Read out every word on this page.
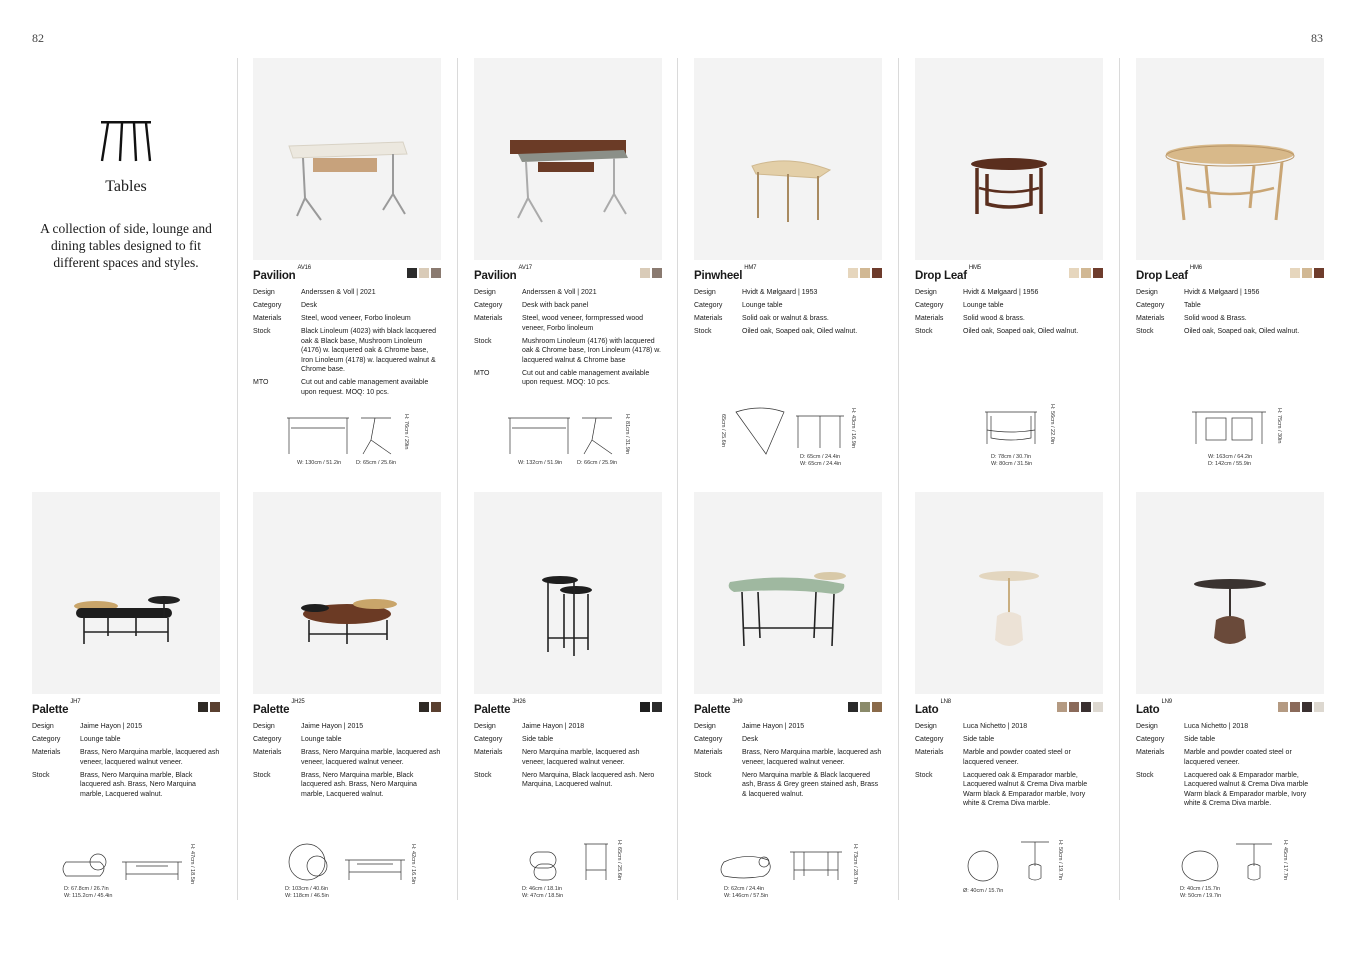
82	83
Tables

A collection of side, lounge and dining tables designed to fit different spaces and styles.

Pavilion$^{AV16}$
Design	Anderssen & Voll | 2021
Category	Desk
Materials	Steel, wood veneer, Forbo linoleum
Stock	Black Linoleum (4023) with black lacquered oak & Black base, Mushroom Linoleum (4176) w. lacquered oak & Chrome base, Iron Linoleum (4178) w. lacquered walnut & Chrome base.
MTO	Cut out and cable management available upon request. MOQ: 10 pcs.
W: 130cm / 51.2in	D: 65cm / 25.6in
H: 76cm / 29in
Pavilion$^{AV17}$
Design	Anderssen & Voll | 2021
Category	Desk with back panel
Materials	Steel, wood veneer, formpressed wood veneer, Forbo linoleum
Stock	Mushroom Linoleum (4176) with lacquered oak & Chrome base, Iron Linoleum (4178) w. lacquered walnut & Chrome base
MTO	Cut out and cable management available upon request. MOQ: 10 pcs.
W: 132cm / 51.9in	D: 66cm / 25.9in
H: 81cm / 31.9in
Pinwheel$^{HM7}$
Design	Hvidt & Mølgaard | 1953
Category	Lounge table
Materials	Solid oak or walnut & brass.
Stock	Oiled oak, Soaped oak, Oiled walnut.
65cm / 25.6in
D: 65cm / 24.4in
W: 65cm / 24.4in
H: 43cm / 16.9in
Drop Leaf$^{HM5}$
Design	Hvidt & Mølgaard | 1956
Category	Lounge table
Materials	Solid wood & brass.
Stock	Oiled oak, Soaped oak, Oiled walnut.
D: 78cm / 30.7in
W: 80cm / 31.5in
H: 56cm / 22.0in
Drop Leaf$^{HM6}$
Design	Hvidt & Mølgaard | 1956
Category	Table
Materials	Solid wood & Brass.
Stock	Oiled oak, Soaped oak, Oiled walnut.
W: 163cm / 64.2in
D: 142cm / 55.9in
H: 75cm / 30in
Palette$^{JH7}$
Design	Jaime Hayon | 2015
Category	Lounge table
Materials	Brass, Nero Marquina marble, lacquered ash veneer, lacquered walnut veneer.
Stock	Brass, Nero Marquina marble, Black lacquered ash. Brass, Nero Marquina marble, Lacquered walnut.
D: 67.8cm / 26.7in
W: 115.2cm / 45.4in
H: 47cm / 18.5in
Palette$^{JH25}$
Design	Jaime Hayon | 2015
Category	Lounge table
Materials	Brass, Nero Marquina marble, lacquered ash veneer, lacquered walnut veneer.
Stock	Brass, Nero Marquina marble, Black lacquered ash. Brass, Nero Marquina marble, Lacquered walnut.
D: 103cm / 40.6in
W: 118cm / 46.5in
H: 42cm / 16.5in
Palette$^{JH26}$
Design	Jaime Hayon | 2018
Category	Side table
Materials	Nero Marquina marble, lacquered ash veneer, lacquered walnut veneer.
Stock	Nero Marquina, Black lacquered ash. Nero Marquina, Lacquered walnut.
D: 46cm / 18.1in
W: 47cm / 18.5in
H: 65cm / 25.6in
Palette$^{JH9}$
Design	Jaime Hayon | 2015
Category	Desk
Materials	Brass, Nero Marquina marble, lacquered ash veneer, lacquered walnut veneer.
Stock	Nero Marquina marble & Black lacquered ash, Brass & Grey green stained ash, Brass & lacquered walnut.
D: 62cm / 24.4in
W: 146cm / 57.5in
H: 73cm / 28.7in
Lato$^{LN8}$
Design	Luca Nichetto | 2018
Category	Side table
Materials	Marble and powder coated steel or lacquered veneer.
Stock	Lacquered oak & Emparador marble, Lacquered walnut & Crema Diva marble Warm black & Emparador marble, Ivory white & Crema Diva marble.
Ø: 40cm / 15.7in
H: 50cm / 19.7in
Lato$^{LN9}$
Design	Luca Nichetto | 2018
Category	Side table
Materials	Marble and powder coated steel or lacquered veneer.
Stock	Lacquered oak & Emparador marble, Lacquered walnut & Crema Diva marble Warm black & Emparador marble, Ivory white & Crema Diva marble.
D: 40cm / 15.7in
W: 50cm / 19.7in
H: 45cm / 17.7in
